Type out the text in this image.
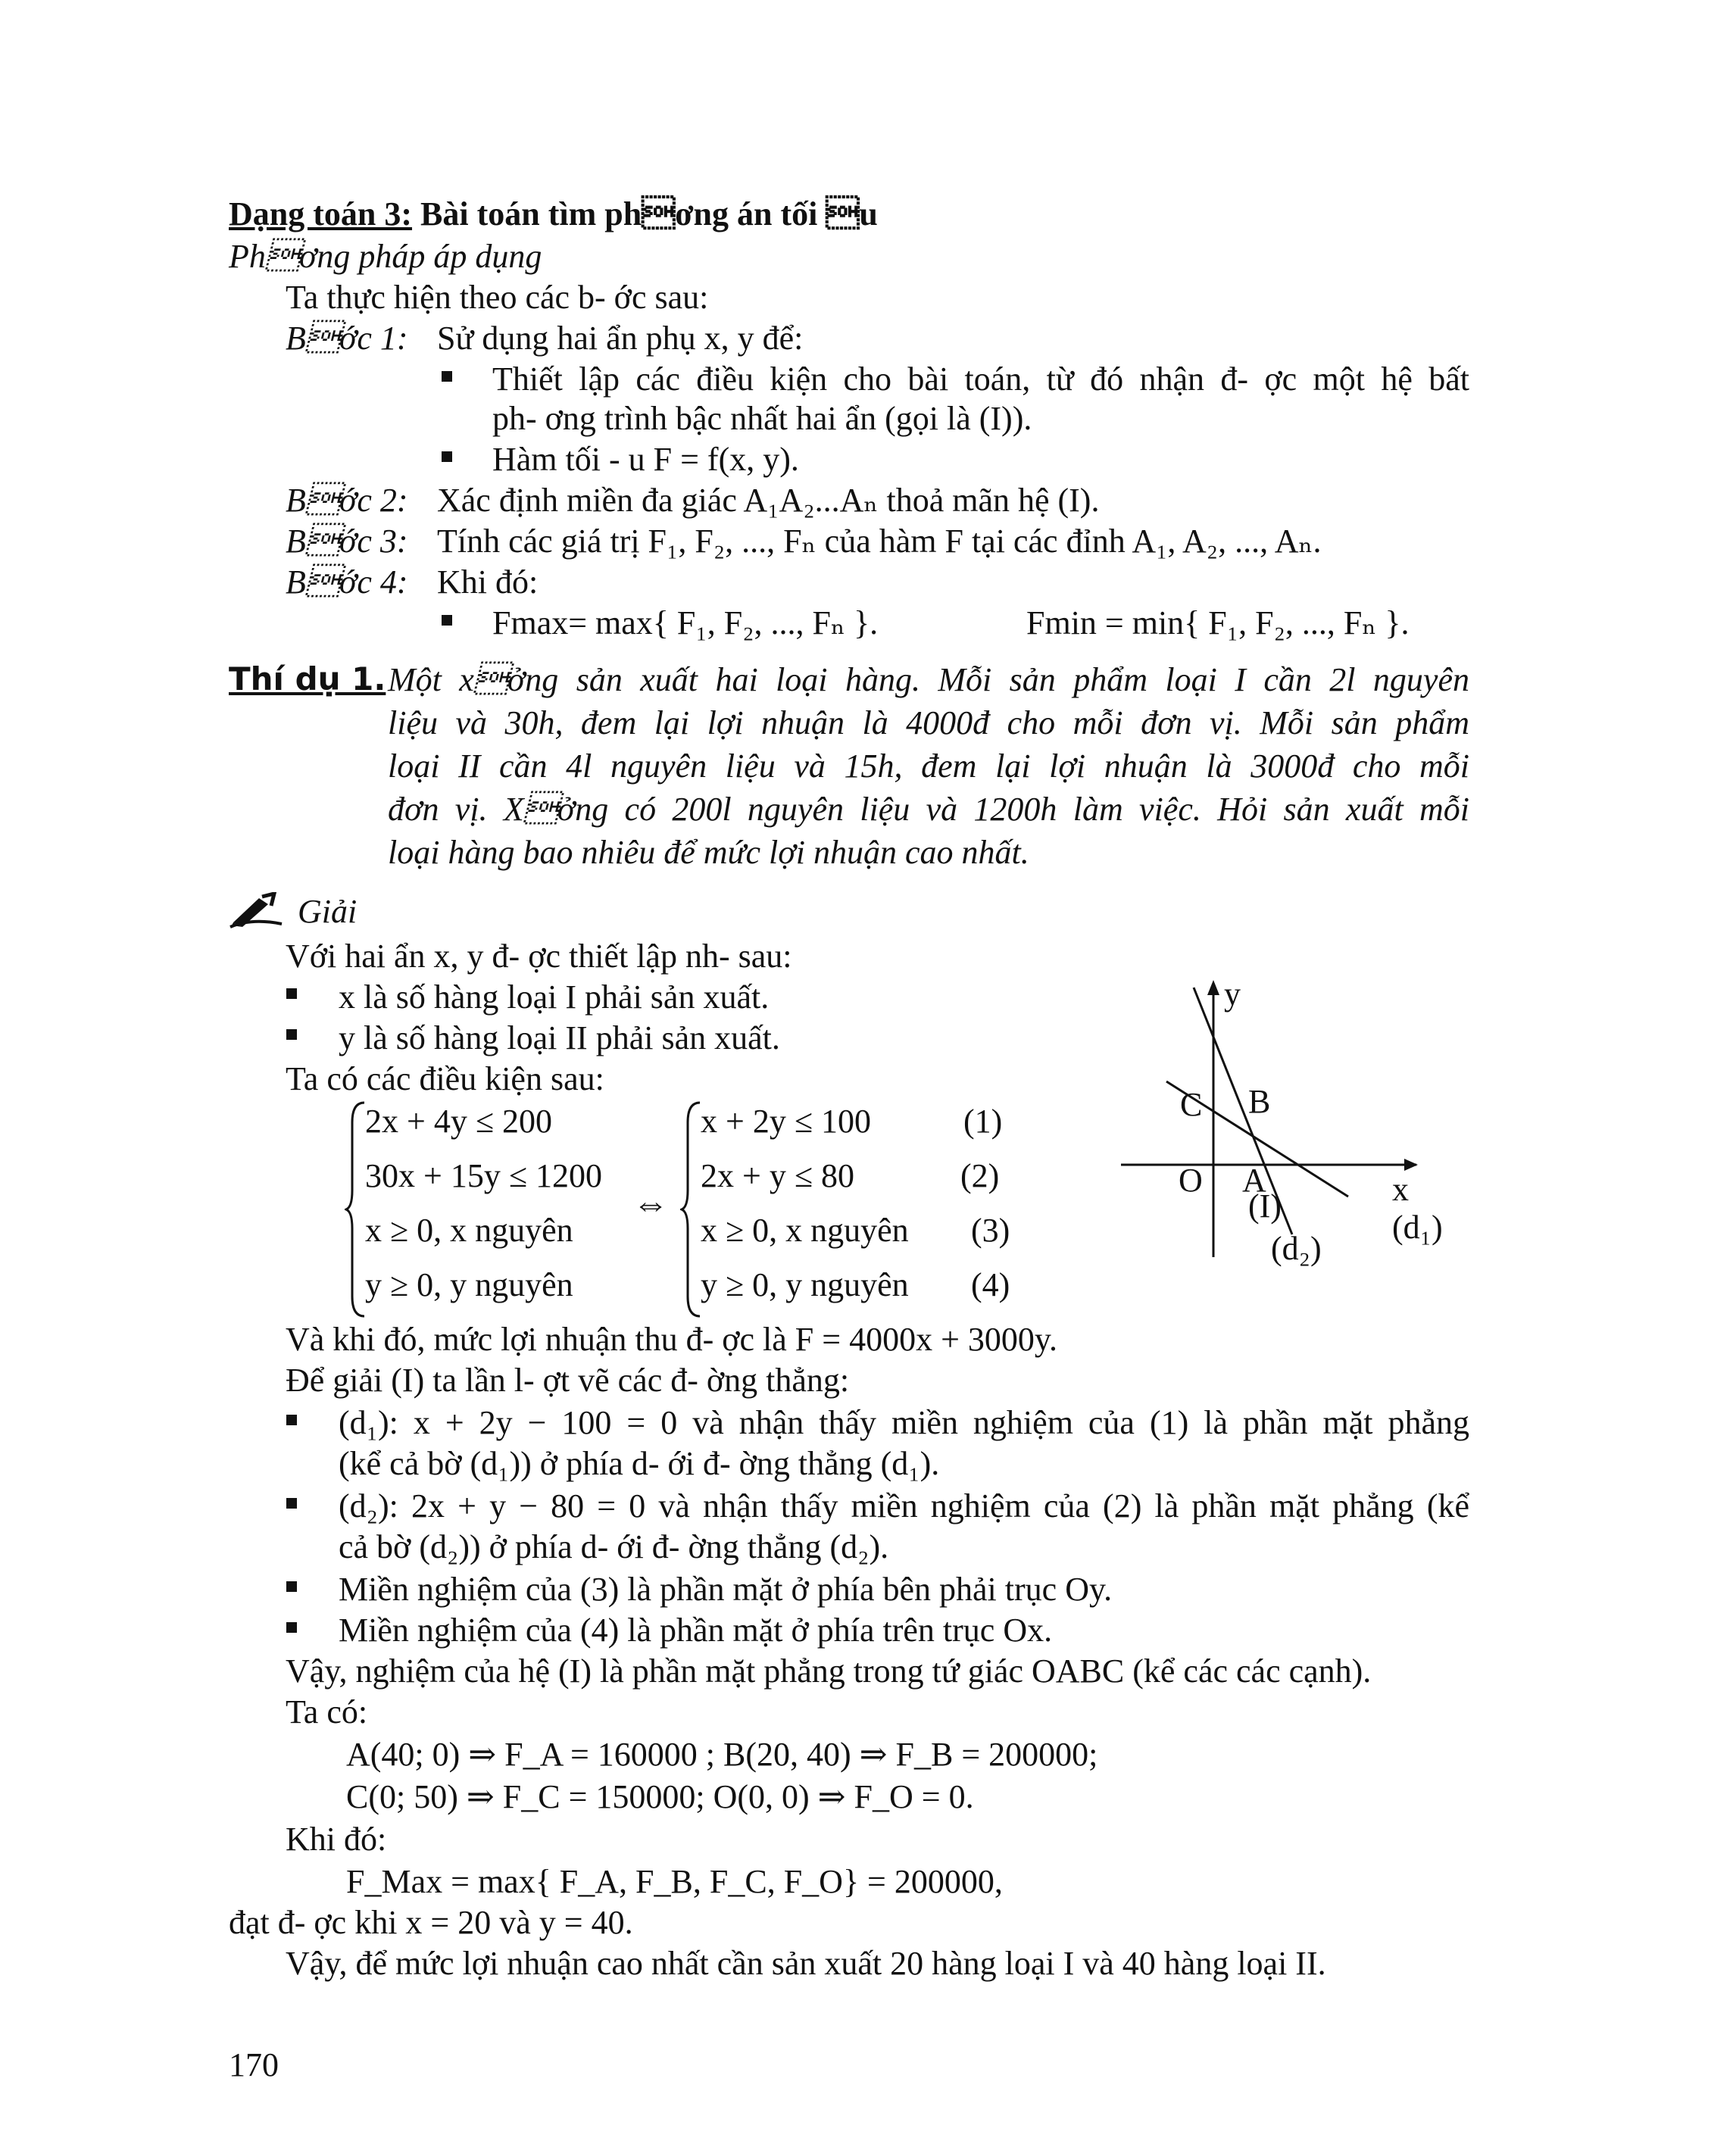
Dạng toán 3: Bài toán tìm phơng án tối u
Phơng pháp áp dụng
Ta thực hiện theo các b- ớc sau:
Bớc 1: Sử dụng hai ẩn phụ x, y để:
Thiết lập các điều kiện cho bài toán, từ đó nhận đ- ợc một hệ bất
ph- ơng trình bậc nhất hai ẩn (gọi là (I)).
Hàm tối - u F = f(x, y).
Bớc 2: Xác định miền đa giác A₁A₂...Aₙ thoả mãn hệ (I).
Bớc 3: Tính các giá trị F₁, F₂, ..., Fₙ của hàm F tại các đỉnh A₁, A₂, ..., Aₙ.
Bớc 4: Khi đó:
Fmax= max{ F₁, F₂, ..., Fₙ }.	Fmin = min{ F₁, F₂, ..., Fₙ }.
Thí dụ 1. Một xởng sản xuất hai loại hàng. Mỗi sản phẩm loại I cần 2l nguyên
liệu và 30h, đem lại lợi nhuận là 4000đ cho mỗi đơn vị. Mỗi sản phẩm
loại II cần 4l nguyên liệu và 15h, đem lại lợi nhuận là 3000đ cho mỗi
đơn vị. Xởng có 200l nguyên liệu và 1200h làm việc. Hỏi sản xuất mỗi
loại hàng bao nhiêu để mức lợi nhuận cao nhất.
Giải
Với hai ẩn x, y đ- ợc thiết lập nh- sau:
x là số hàng loại I phải sản xuất.
y là số hàng loại II phải sản xuất.
Ta có các điều kiện sau:
2x + 4y ≤ 200
30x + 15y ≤ 1200
x ≥ 0, x nguyên
y ≥ 0, y nguyên
⇔
x + 2y ≤ 100
2x + y ≤ 80
x ≥ 0, x nguyên
y ≥ 0, y nguyên
(1)
(2)
(3)
(4)
y
C B
O A
(I)	x
(d₁)
(d₂)
Và khi đó, mức lợi nhuận thu đ- ợc là F = 4000x + 3000y.
Để giải (I) ta lần l- ợt vẽ các đ- ờng thẳng:
(d₁): x + 2y − 100 = 0 và nhận thấy miền nghiệm của (1) là phần mặt phẳng
(kể cả bờ (d₁)) ở phía d- ới đ- ờng thẳng (d₁).
(d₂): 2x + y − 80 = 0 và nhận thấy miền nghiệm của (2) là phần mặt phẳng (kể
cả bờ (d₂)) ở phía d- ới đ- ờng thẳng (d₂).
Miền nghiệm của (3) là phần mặt ở phía bên phải trục Oy.
Miền nghiệm của (4) là phần mặt ở phía trên trục Ox.
Vậy, nghiệm của hệ (I) là phần mặt phẳng trong tứ giác OABC (kể các các cạnh).
Ta có:
A(40; 0) ⇒ F_A = 160000 ; B(20, 40) ⇒ F_B = 200000;
C(0; 50) ⇒ F_C = 150000; O(0, 0) ⇒ F_O = 0.
Khi đó:
F_Max = max{ F_A, F_B, F_C, F_O} = 200000,
đạt đ- ợc khi x = 20 và y = 40.
Vậy, để mức lợi nhuận cao nhất cần sản xuất 20 hàng loại I và 40 hàng loại II.
170
